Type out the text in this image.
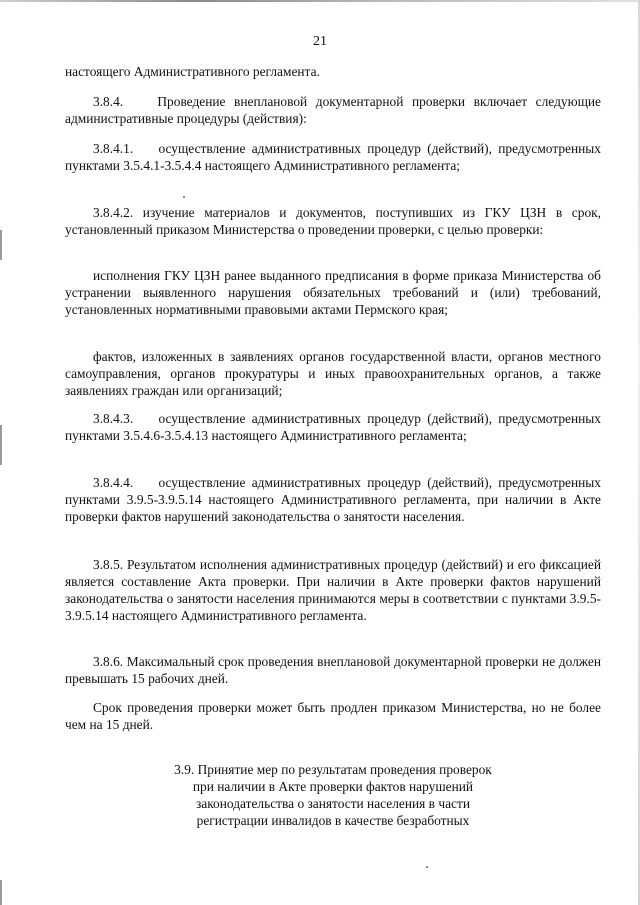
21

настоящего Административного регламента.

3.8.4.    Проведение внеплановой документарной проверки включает следующие административные процедуры (действия):

3.8.4.1.    осуществление административных процедур (действий), предусмотренных пунктами 3.5.4.1-3.5.4.4 настоящего Административного регламента;

3.8.4.2. изучение материалов и документов, поступивших из ГКУ ЦЗН в срок, установленный приказом Министерства о проведении проверки, с целью проверки:

исполнения ГКУ ЦЗН ранее выданного предписания в форме приказа Министерства об устранении выявленного нарушения обязательных требований и (или) требований, установленных нормативными правовыми актами Пермского края;

фактов, изложенных в заявлениях органов государственной власти, органов местного самоуправления, органов прокуратуры и иных правоохранительных органов, а также заявлениях граждан или организаций;

3.8.4.3.    осуществление административных процедур (действий), предусмотренных пунктами 3.5.4.6-3.5.4.13 настоящего Административного регламента;

3.8.4.4.    осуществление административных процедур (действий), предусмотренных пунктами 3.9.5-3.9.5.14 настоящего Административного регламента, при наличии в Акте проверки фактов нарушений законодательства о занятости населения.

3.8.5. Результатом исполнения административных процедур (действий) и его фиксацией является составление Акта проверки. При наличии в Акте проверки фактов нарушений законодательства о занятости населения принимаются меры в соответствии с пунктами 3.9.5-3.9.5.14 настоящего Административного регламента.

3.8.6. Максимальный срок проведения внеплановой документарной проверки не должен превышать 15 рабочих дней.

Срок проведения проверки может быть продлен приказом Министерства, но не более чем на 15 дней.

3.9. Принятие мер по результатам проведения проверок
при наличии в Акте проверки фактов нарушений
законодательства о занятости населения в части
регистрации инвалидов в качестве безработных
